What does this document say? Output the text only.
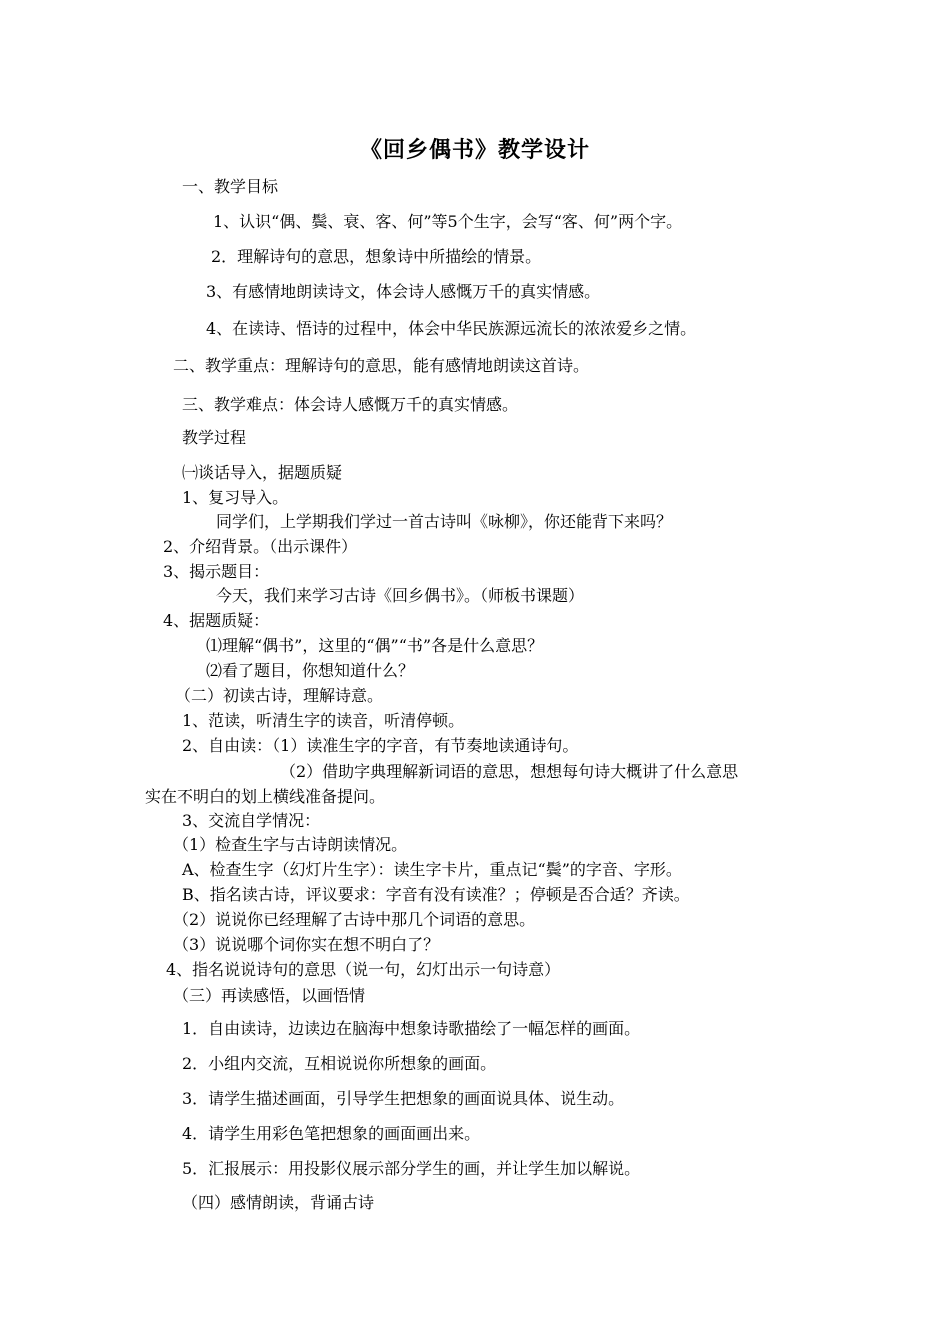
《回乡偶书》教学设计
一、教学目标
1、认识“偶、鬓、衰、客、何”等5个生字，会写“客、何”两个字。
2．理解诗句的意思，想象诗中所描绘的情景。
3、有感情地朗读诗文，体会诗人感慨万千的真实情感。
4、在读诗、悟诗的过程中，体会中华民族源远流长的浓浓爱乡之情。
二、教学重点：理解诗句的意思，能有感情地朗读这首诗。
三、教学难点：体会诗人感慨万千的真实情感。
教学过程
㈠谈话导入，据题质疑
1、复习导入。
同学们，上学期我们学过一首古诗叫《咏柳》，你还能背下来吗？
2、介绍背景。（出示课件）
3、揭示题目：
今天，我们来学习古诗《回乡偶书》。（师板书课题）
4、据题质疑：
⑴理解“偶书”，这里的“偶”“书”各是什么意思？
⑵看了题目，你想知道什么？
（二）初读古诗，理解诗意。
1、范读，听清生字的读音，听清停顿。
2、自由读：（1）读准生字的字音，有节奏地读通诗句。
（2）借助字典理解新词语的意思，想想每句诗大概讲了什么意思
实在不明白的划上横线准备提问。
3、交流自学情况：
（1）检查生字与古诗朗读情况。
A、检查生字（幻灯片生字）：读生字卡片，重点记“鬓”的字音、字形。
B、指名读古诗，评议要求：字音有没有读准？；停顿是否合适？齐读。
（2）说说你已经理解了古诗中那几个词语的意思。
（3）说说哪个词你实在想不明白了？
4、指名说说诗句的意思（说一句，幻灯出示一句诗意）
（三）再读感悟，以画悟情
1．自由读诗，边读边在脑海中想象诗歌描绘了一幅怎样的画面。
2．小组内交流，互相说说你所想象的画面。
3．请学生描述画面，引导学生把想象的画面说具体、说生动。
4．请学生用彩色笔把想象的画面画出来。
5．汇报展示：用投影仪展示部分学生的画，并让学生加以解说。
（四）感情朗读，背诵古诗
